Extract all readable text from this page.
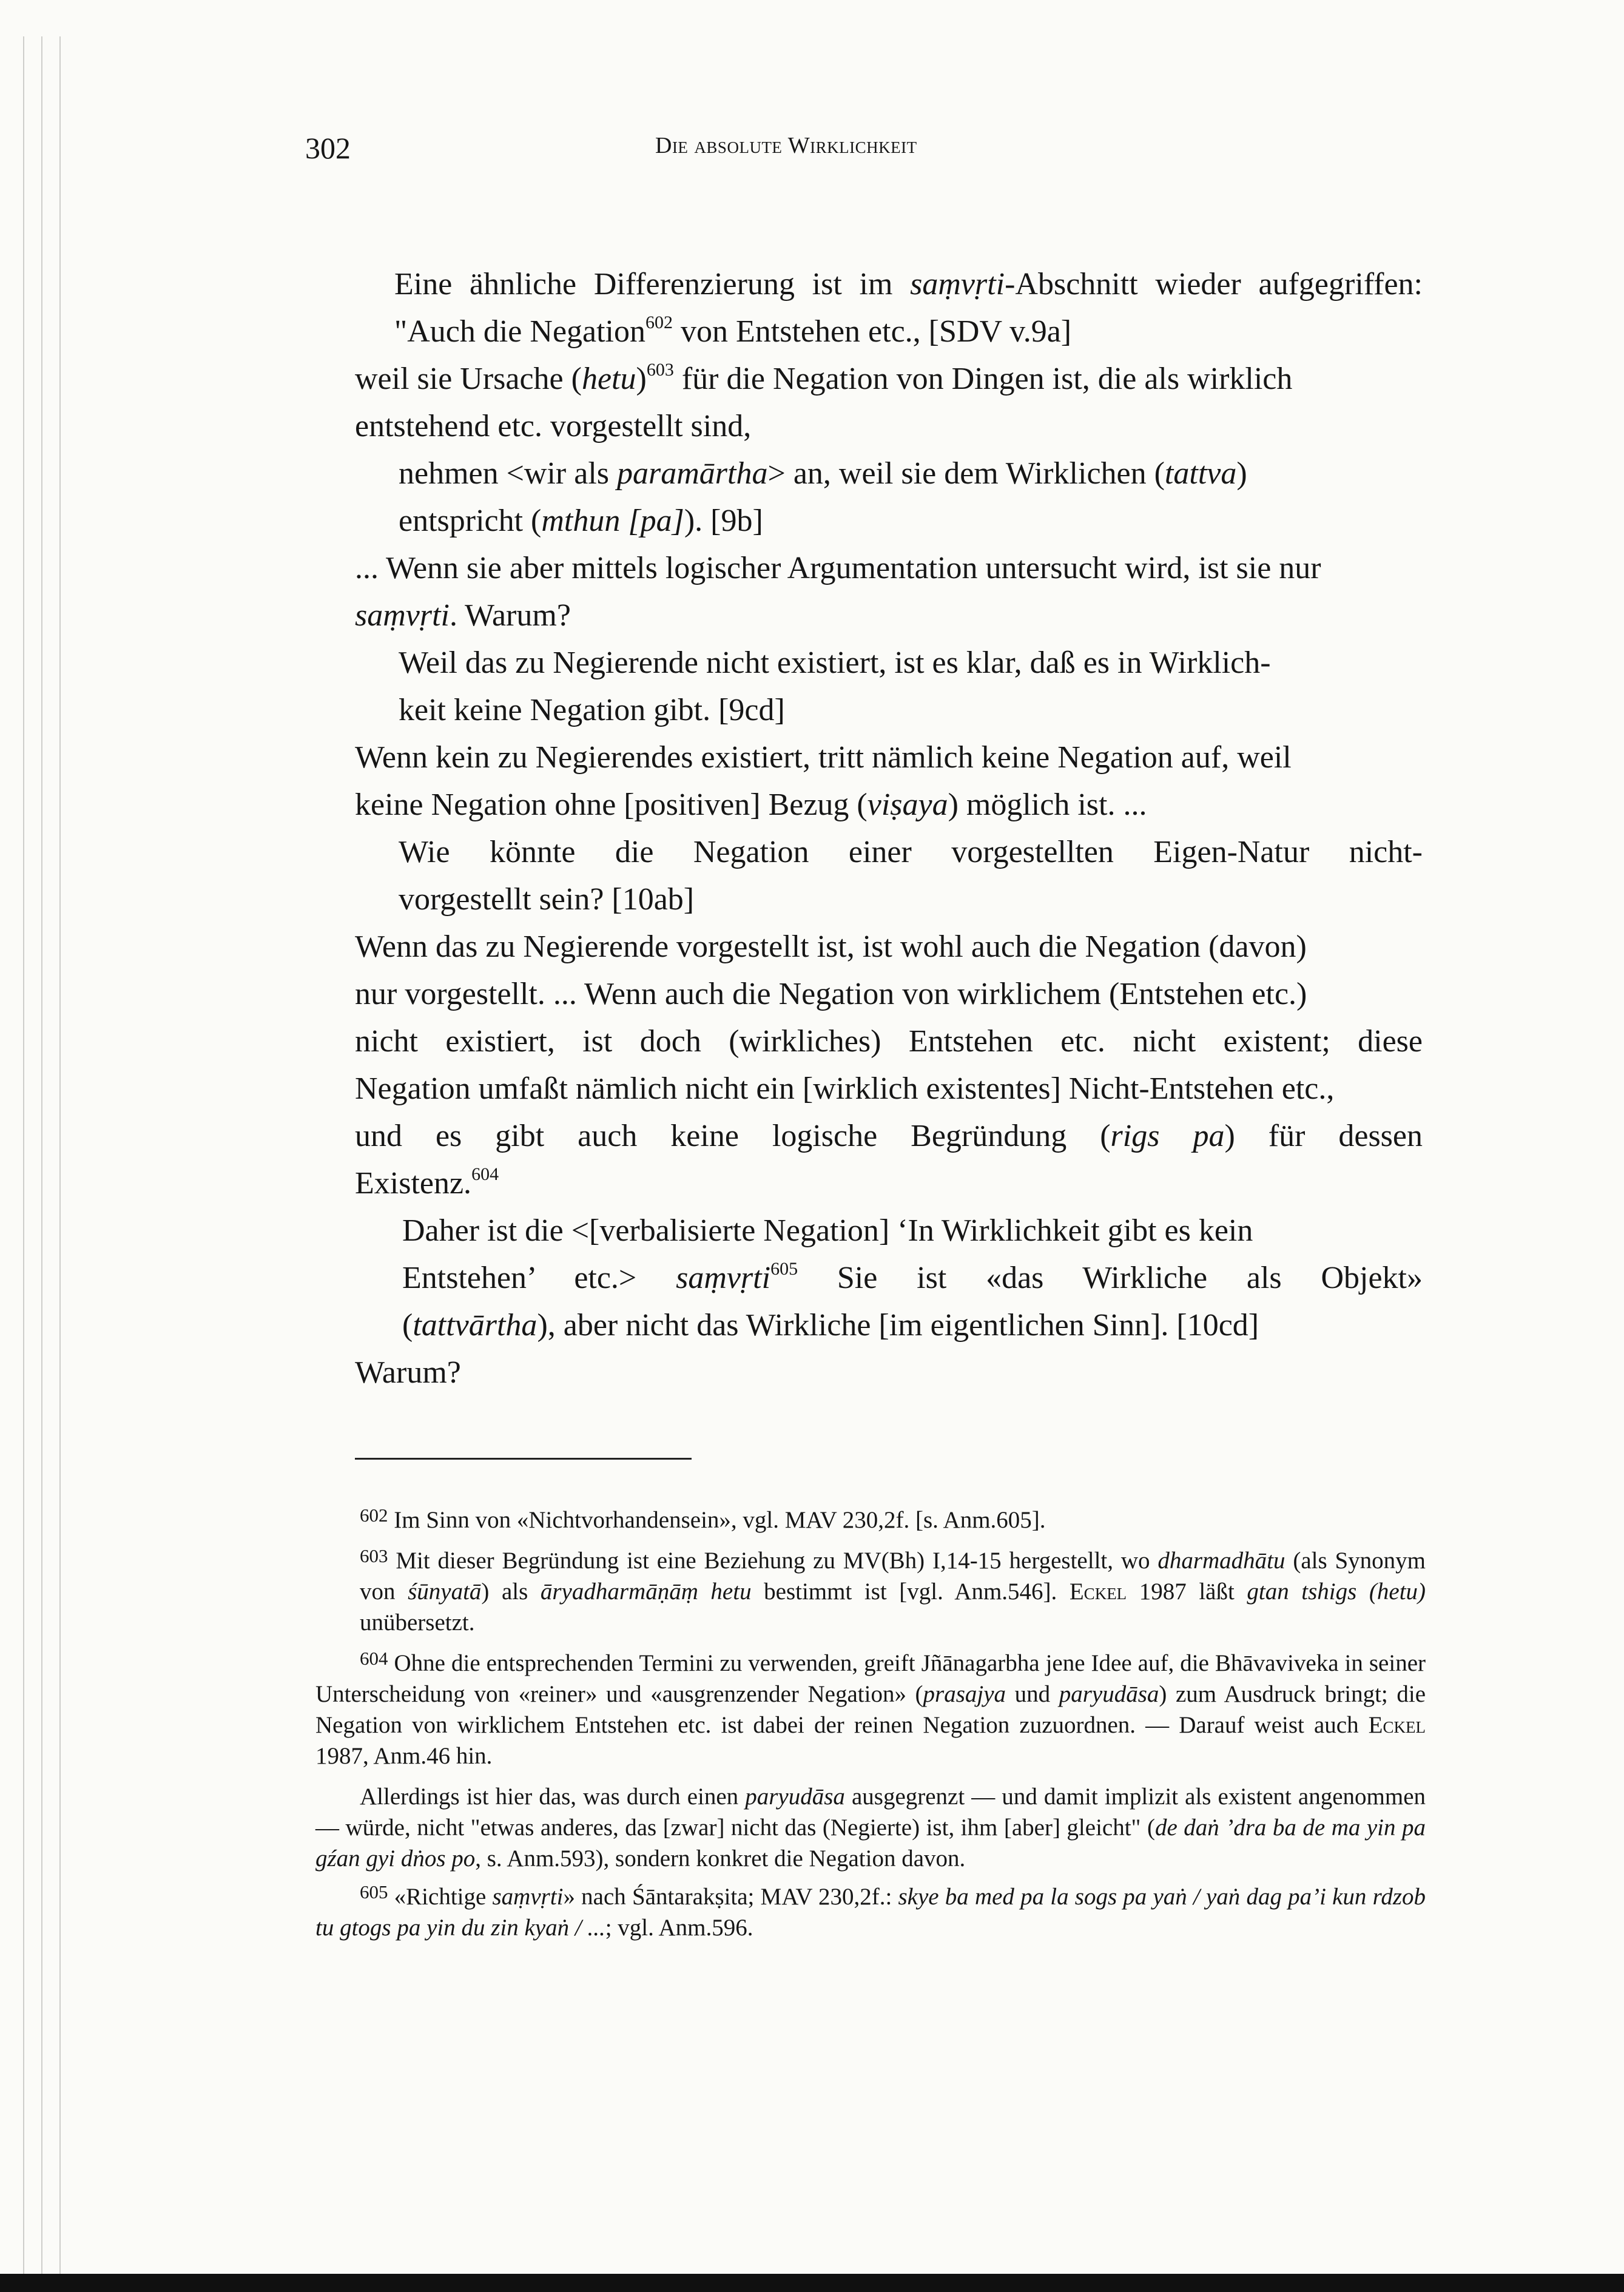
302	Die absolute Wirklichkeit
Eine ähnliche Differenzierung ist im saṃvṛti-Abschnitt wieder aufgegriffen:
"Auch die Negation$^{602}$ von Entstehen etc., [SDV v.9a]
weil sie Ursache (hetu)$^{603}$ für die Negation von Dingen ist, die als wirklich
entstehend etc. vorgestellt sind,
nehmen <wir als paramārtha> an, weil sie dem Wirklichen (tattva)
entspricht (mthun [pa]). [9b]
... Wenn sie aber mittels logischer Argumentation untersucht wird, ist sie nur
saṃvṛti. Warum?
Weil das zu Negierende nicht existiert, ist es klar, daß es in Wirklich-
keit keine Negation gibt. [9cd]
Wenn kein zu Negierendes existiert, tritt nämlich keine Negation auf, weil
keine Negation ohne [positiven] Bezug (viṣaya) möglich ist. ...
Wie könnte die Negation einer vorgestellten Eigen-Natur nicht-
vorgestellt sein? [10ab]
Wenn das zu Negierende vorgestellt ist, ist wohl auch die Negation (davon)
nur vorgestellt. ... Wenn auch die Negation von wirklichem (Entstehen etc.)
nicht existiert, ist doch (wirkliches) Entstehen etc. nicht existent; diese
Negation umfaßt nämlich nicht ein [wirklich existentes] Nicht-Entstehen etc.,
und es gibt auch keine logische Begründung (rigs pa) für dessen
Existenz.$^{604}$
Daher ist die <[verbalisierte Negation] ‘In Wirklichkeit gibt es kein
Entstehen’ etc.> saṃvṛti$^{605}$ Sie ist «das Wirkliche als Objekt»
(tattvārtha), aber nicht das Wirkliche [im eigentlichen Sinn]. [10cd]
Warum?
$^{602}$ Im Sinn von «Nichtvorhandensein», vgl. MAV 230,2f. [s. Anm.605].
$^{603}$ Mit dieser Begründung ist eine Beziehung zu MV(Bh) I,14-15 hergestellt, wo dharmadhātu (als Synonym von śūnyatā) als āryadharmāṇāṃ hetu bestimmt ist [vgl. Anm.546]. Eckel 1987 läßt gtan tshigs (hetu) unübersetzt.
$^{604}$ Ohne die entsprechenden Termini zu verwenden, greift Jñānagarbha jene Idee auf, die Bhāvaviveka in seiner Unterscheidung von «reiner» und «ausgrenzender Negation» (prasajya und paryudāsa) zum Ausdruck bringt; die Negation von wirklichem Entstehen etc. ist dabei der reinen Negation zuzuordnen. — Darauf weist auch Eckel 1987, Anm.46 hin.
Allerdings ist hier das, was durch einen paryudāsa ausgegrenzt — und damit implizit als existent angenommen — würde, nicht "etwas anderes, das [zwar] nicht das (Negierte) ist, ihm [aber] gleicht" (de daṅ ’dra ba de ma yin pa gźan gyi dṅos po, s. Anm.593), sondern konkret die Negation davon.
$^{605}$ «Richtige saṃvṛti» nach Śāntarakṣita; MAV 230,2f.: skye ba med pa la sogs pa yaṅ / yaṅ dag pa’i kun rdzob tu gtogs pa yin du zin kyaṅ / ...; vgl. Anm.596.
